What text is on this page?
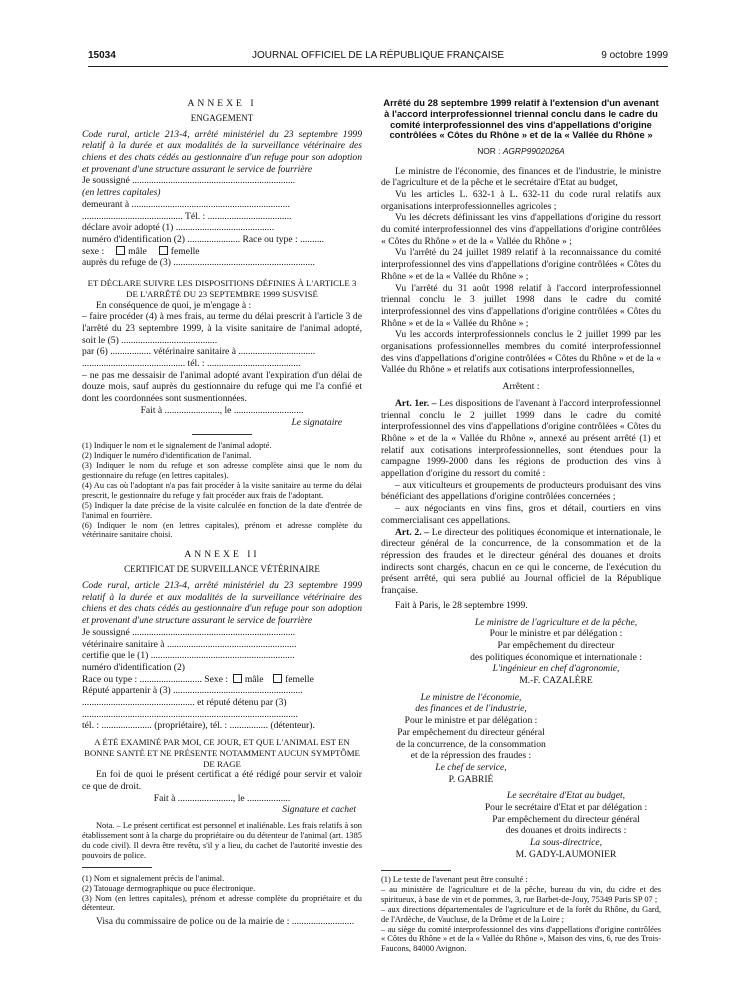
15034	JOURNAL OFFICIEL DE LA RÉPUBLIQUE FRANÇAISE	9 octobre 1999

ANNEXE I

ENGAGEMENT

Code rural, article 213-4, arrêté ministériel du 23 septembre 1999 relatif à la durée et aux modalités de la surveillance vétérinaire des chiens et des chats cédés au gestionnaire d'un refuge pour son adoption et provenant d'une structure assurant le service de fourrière

Je soussigné ....................................................................

(en lettres capitales)

demeurant à ..................................................................

.......................................... Tél. : ...................................

déclare avoir adopté (1) .........................................

numéro d'identification (2) ...................... Race ou type : ..........

sexe :	mâle	femelle

auprès du refuge de (3) ...........................................................

ET DÉCLARE SUIVRE LES DISPOSITIONS DÉFINIES À L'ARTICLE 3 DE L'ARRÊTÉ DU 23 SEPTEMBRE 1999 SUSVISÉ

En conséquence de quoi, je m'engage à :

– faire procéder (4) à mes frais, au terme du délai prescrit à l'article 3 de l'arrêté du 23 septembre 1999, à la visite sanitaire de l'animal adopté, soit le (5) ........................................

par (6) ................. vétérinaire sanitaire à ................................

........................................... tél. : .......................................

– ne pas me dessaisir de l'animal adopté avant l'expiration d'un délai de douze mois, sauf auprès du gestionnaire du refuge qui me l'a confié et dont les coordonnées sont susmentionnées.

Fait à ......................., le .............................

Le signataire

(1) Indiquer le nom et le signalement de l'animal adopté.

(2) Indiquer le numéro d'identification de l'animal.

(3) Indiquer le nom du refuge et son adresse complète ainsi que le nom du gestionnaire du refuge (en lettres capitales).

(4) Au cas où l'adoptant n'a pas fait procéder à la visite sanitaire au terme du délai prescrit, le gestionnaire du refuge y fait procéder aux frais de l'adoptant.

(5) Indiquer la date précise de la visite calculée en fonction de la date d'entrée de l'animal en fourrière.

(6) Indiquer le nom (en lettres capitales), prénom et adresse complète du vétérinaire sanitaire choisi.

ANNEXE II

CERTIFICAT DE SURVEILLANCE VÉTÉRINAIRE

Code rural, article 213-4, arrêté ministériel du 23 septembre 1999 relatif à la durée et aux modalités de la surveillance vétérinaire des chiens et des chats cédés au gestionnaire d'un refuge pour son adoption et provenant d'une structure assurant le service de fourrière

Je soussigné ....................................................................

vétérinaire sanitaire à ......................................................

certifie que le (1) ............................................................

numéro d'identification (2)

Race ou type : .......................... Sexe : mâle femelle

Réputé appartenir à (3) ......................................................

............................................... et réputé détenu par (3)

..........................................................................................

tél. : ..................... (propriétaire), tél. : ................ (détenteur).

A ÉTÉ EXAMINÉ PAR MOI, CE JOUR, ET QUE L'ANIMAL EST EN BONNE SANTÉ ET NE PRÉSENTE NOTAMMENT AUCUN SYMPTÔME DE RAGE

En foi de quoi le présent certificat a été rédigé pour servir et valoir ce que de droit.

Fait à ......................., le ..................

Signature et cachet

Nota. – Le présent certificat est personnel et inaliénable. Les frais relatifs à son établissement sont à la charge du propriétaire ou du détenteur de l'animal (art. 1385 du code civil). Il devra être revêtu, s'il y a lieu, du cachet de l'autorité investie des pouvoirs de police.

(1) Nom et signalement précis de l'animal.

(2) Tatouage dermographique ou puce électronique.

(3) Nom (en lettres capitales), prénom et adresse complète du propriétaire et du détenteur.

Visa du commissaire de police ou de la mairie de : ..........................

Arrêté du 28 septembre 1999 relatif à l'extension d'un avenant à l'accord interprofessionnel triennal conclu dans le cadre du comité interprofessionnel des vins d'appellations d'origine contrôlées « Côtes du Rhône » et de la « Vallée du Rhône »

NOR : AGRP9902026A

Le ministre de l'économie, des finances et de l'industrie, le ministre de l'agriculture et de la pêche et le secrétaire d'Etat au budget,

Vu les articles L. 632-1 à L. 632-11 du code rural relatifs aux organisations interprofessionnelles agricoles ;

Vu les décrets définissant les vins d'appellations d'origine du ressort du comité interprofessionnel des vins d'appellations d'origine contrôlées « Côtes du Rhône » et de la « Vallée du Rhône » ;

Vu l'arrêté du 24 juillet 1989 relatif à la reconnaissance du comité interprofessionnel des vins d'appellations d'origine contrôlées « Côtes du Rhône » et de la « Vallée du Rhône » ;

Vu l'arrêté du 31 août 1998 relatif à l'accord interprofessionnel triennal conclu le 3 juillet 1998 dans le cadre du comité interprofessionnel des vins d'appellations d'origine contrôlées « Côtes du Rhône » et de la « Vallée du Rhône » ;

Vu les accords interprofessionnels conclus le 2 juillet 1999 par les organisations professionnelles membres du comité interprofessionnel des vins d'appellations d'origine contrôlées « Côtes du Rhône » et de la « Vallée du Rhône » et relatifs aux cotisations interprofessionnelles,

Arrêtent :

Art. 1er. – Les dispositions de l'avenant à l'accord interprofessionnel triennal conclu le 2 juillet 1999 dans le cadre du comité interprofessionnel des vins d'appellations d'origine contrôlées « Côtes du Rhône » et de la « Vallée du Rhône », annexé au présent arrêté (1) et relatif aux cotisations interprofessionnelles, sont étendues pour la campagne 1999-2000 dans les régions de production des vins à appellation d'origine du ressort du comité :

– aux viticulteurs et groupements de producteurs produisant des vins bénéficiant des appellations d'origine contrôlées concernées ;

– aux négociants en vins fins, gros et détail, courtiers en vins commercialisant ces appellations.

Art. 2. – Le directeur des politiques économique et internationale, le directeur général de la concurrence, de la consommation et de la répression des fraudes et le directeur général des douanes et droits indirects sont chargés, chacun en ce qui le concerne, de l'exécution du présent arrêté, qui sera publié au Journal officiel de la République française.

Fait à Paris, le 28 septembre 1999.

Le ministre de l'agriculture et de la pêche,

Pour le ministre et par délégation :

Par empêchement du directeur

des politiques économique et internationale :

L'ingénieur en chef d'agronomie,

M.-F. CAZALÈRE

Le ministre de l'économie,

des finances et de l'industrie,

Pour le ministre et par délégation :

Par empêchement du directeur général

de la concurrence, de la consommation

et de la répression des fraudes :

Le chef de service,

P. GABRIÉ

Le secrétaire d'Etat au budget,

Pour le secrétaire d'Etat et par délégation :

Par empêchement du directeur général

des douanes et droits indirects :

La sous-directrice,

M. GADY-LAUMONIER

(1) Le texte de l'avenant peut être consulté :

– au ministère de l'agriculture et de la pêche, bureau du vin, du cidre et des spiritueux, à base de vin et de pommes, 3, rue Barbet-de-Jouy, 75349 Paris SP 07 ;

– aux directions départementales de l'agriculture et de la forêt du Rhône, du Gard, de l'Ardèche, de Vaucluse, de la Drôme et de la Loire ;

– au siège du comité interprofessionnel des vins d'appellations d'origine contrôlées « Côtes du Rhône » et de la « Vallée du Rhône », Maison des vins, 6, rue des Trois-Faucons, 84000 Avignon.
